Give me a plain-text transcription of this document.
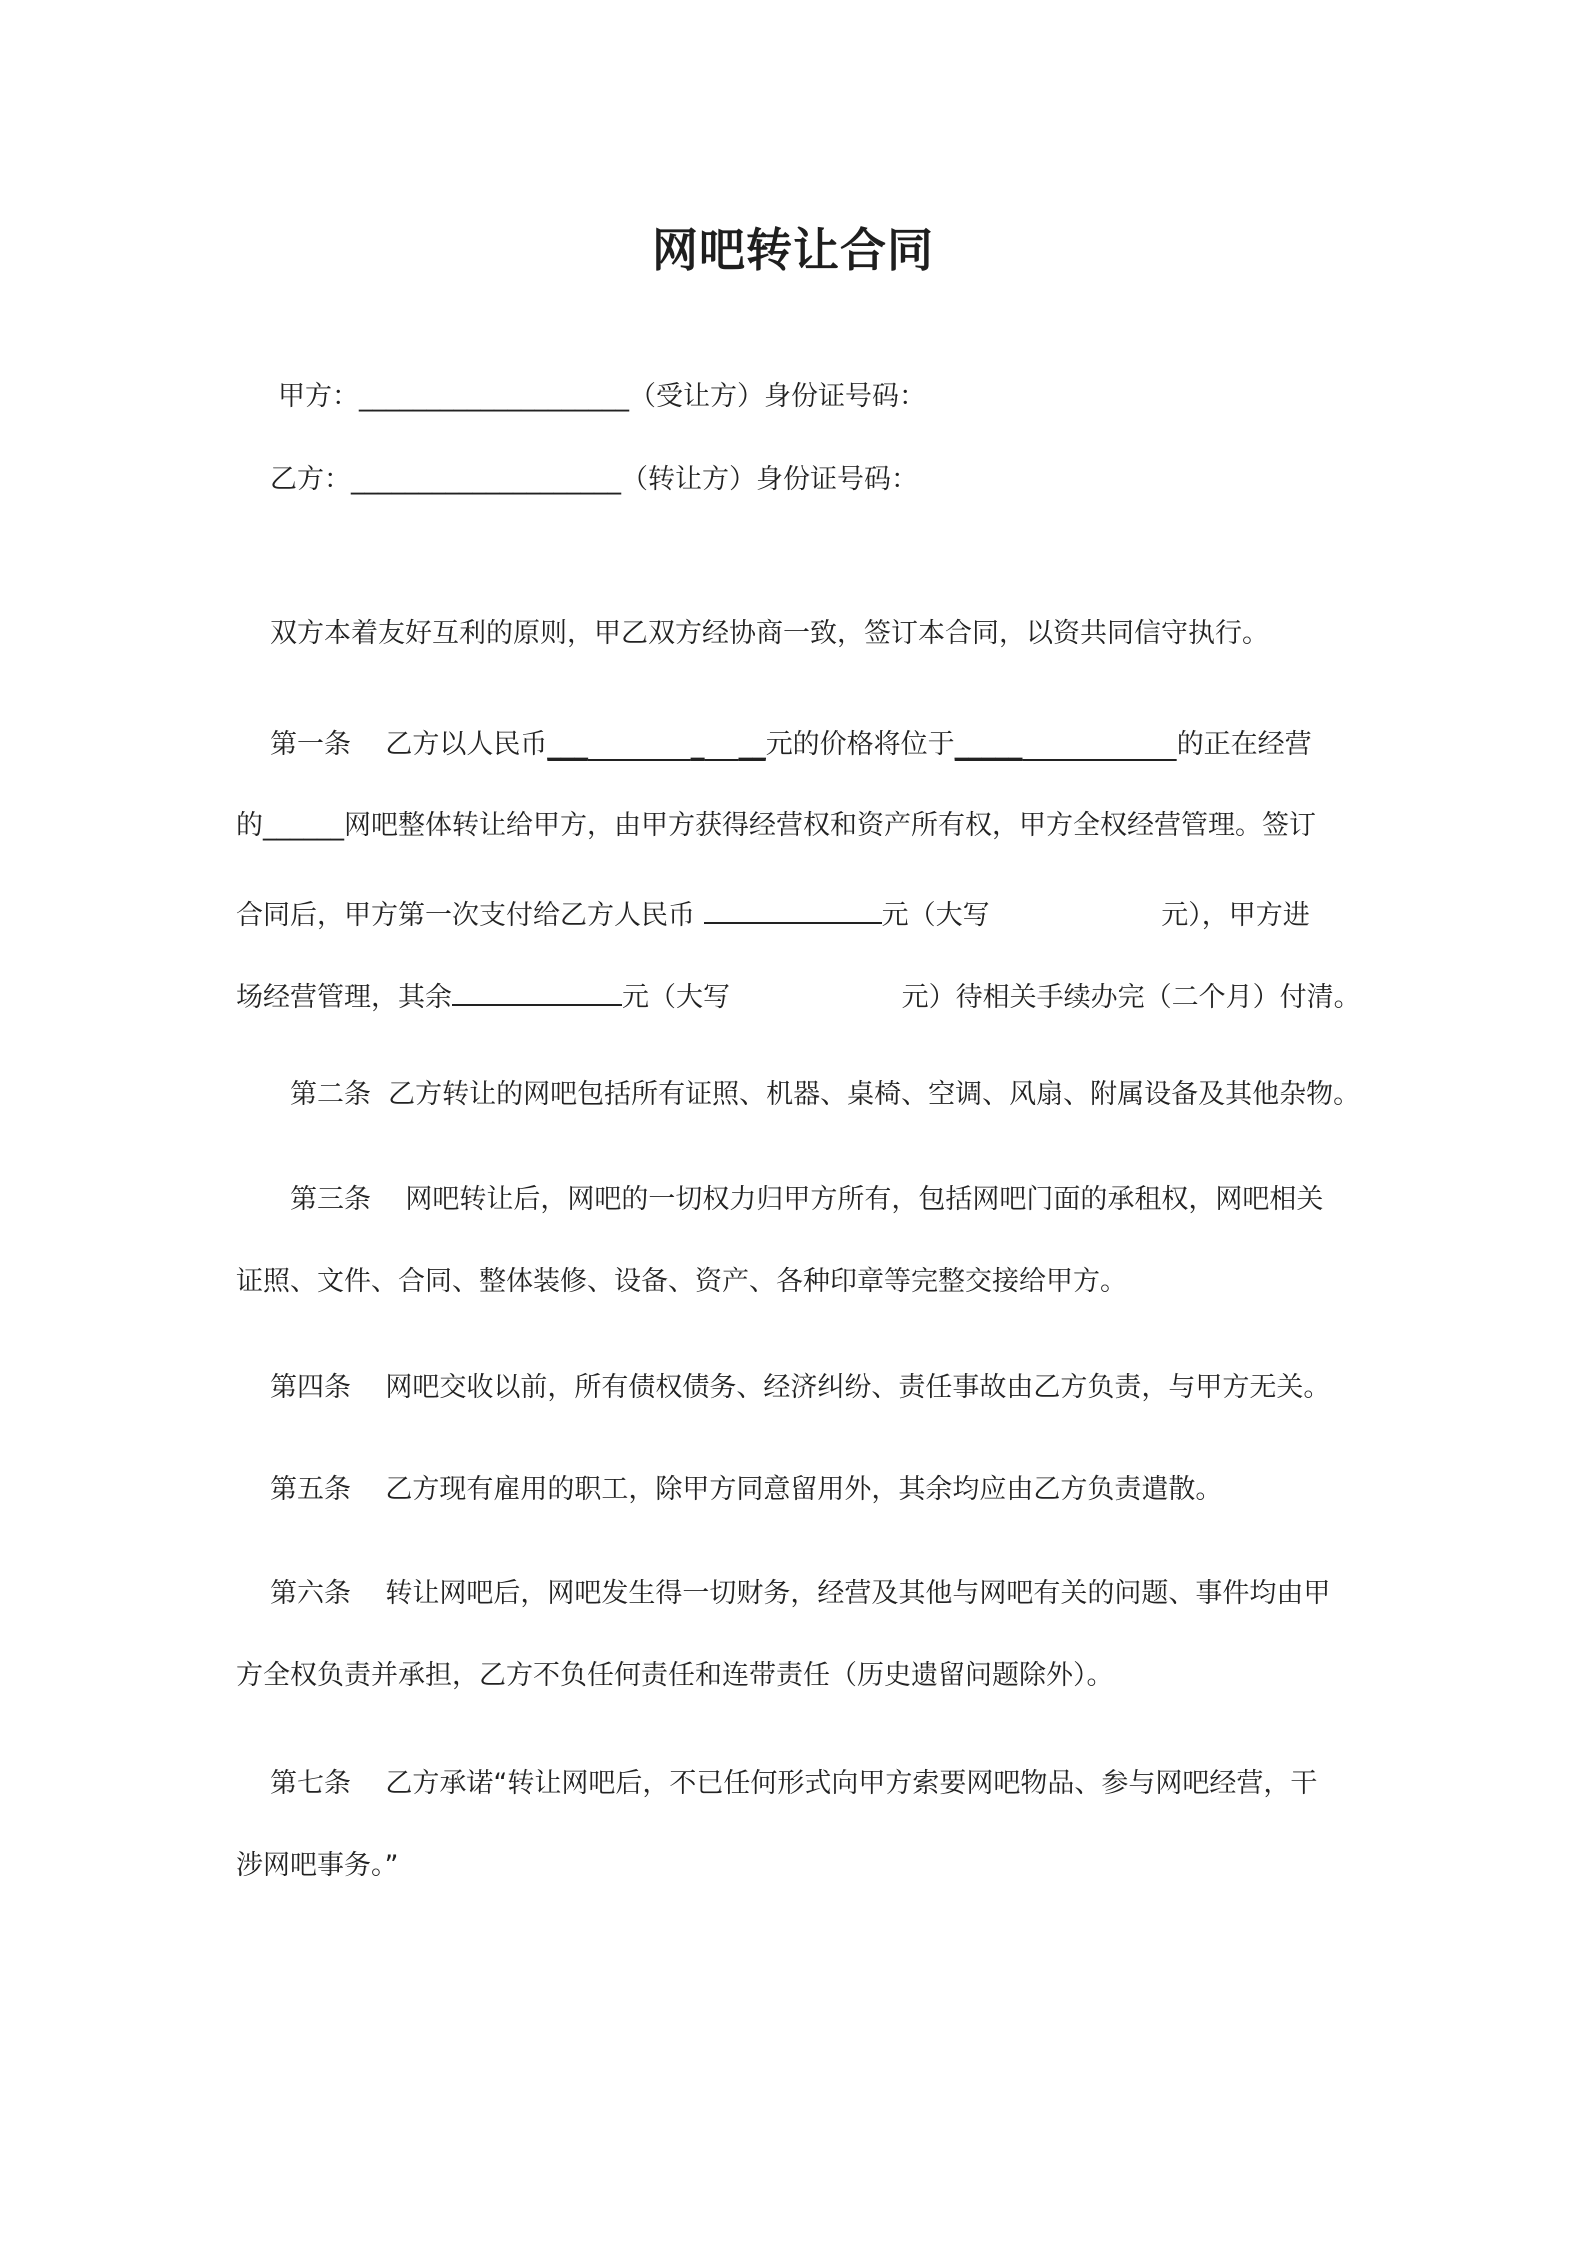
网吧转让合同
甲方：____________________（受让方）身份证号码：
乙方：____________________（转让方）身份证号码：
双方本着友好互利的原则，甲乙双方经协商一致，签订本合同，以资共同信守执行。
第一条 乙方以人民币___	_ __元的价格将位于_____	的正在经营
的______网吧整体转让给甲方，由甲方获得经营权和资产所有权，甲方全权经营管理。签订
合同后，甲方第一次支付给乙方人民币	元（大写	元），甲方进
场经营管理，其余	元（大写	元）待相关手续办完（二个月）付清。
第二条  乙方转让的网吧包括所有证照、机器、桌椅、空调、风扇、附属设备及其他杂物。
第三条    网吧转让后，网吧的一切权力归甲方所有，包括网吧门面的承租权，网吧相关
证照、文件、合同、整体装修、设备、资产、各种印章等完整交接给甲方。
第四条    网吧交收以前，所有债权债务、经济纠纷、责任事故由乙方负责，与甲方无关。
第五条    乙方现有雇用的职工，除甲方同意留用外，其余均应由乙方负责遣散。
第六条    转让网吧后，网吧发生得一切财务，经营及其他与网吧有关的问题、事件均由甲
方全权负责并承担，乙方不负任何责任和连带责任（历史遗留问题除外）。
第七条    乙方承诺“转让网吧后，不已任何形式向甲方索要网吧物品、参与网吧经营，干
涉网吧事务。”
